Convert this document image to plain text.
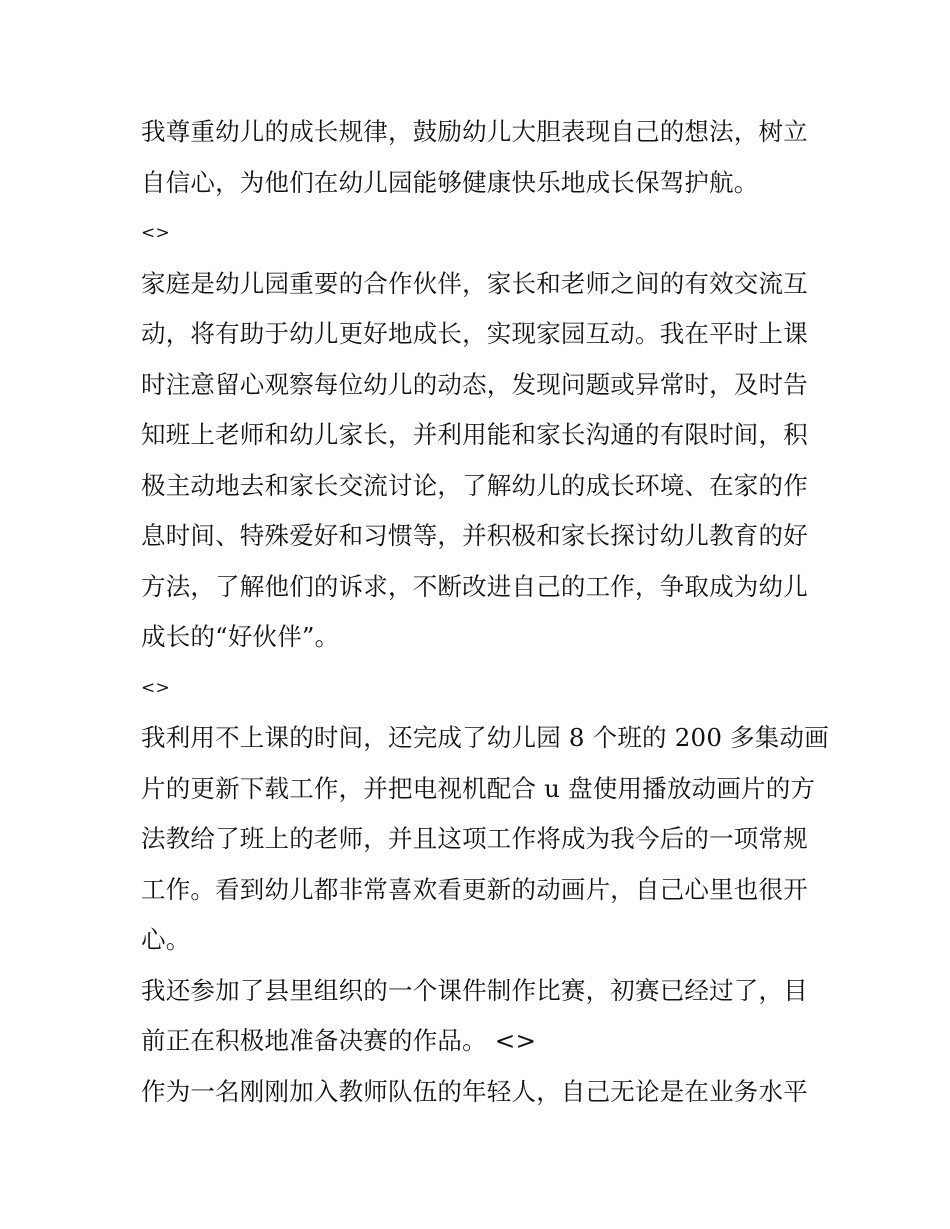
我尊重幼儿的成长规律，鼓励幼儿大胆表现自己的想法，树立
自信心，为他们在幼儿园能够健康快乐地成长保驾护航。
<>
家庭是幼儿园重要的合作伙伴，家长和老师之间的有效交流互
动，将有助于幼儿更好地成长，实现家园互动。我在平时上课
时注意留心观察每位幼儿的动态，发现问题或异常时，及时告
知班上老师和幼儿家长，并利用能和家长沟通的有限时间，积
极主动地去和家长交流讨论，了解幼儿的成长环境、在家的作
息时间、特殊爱好和习惯等，并积极和家长探讨幼儿教育的好
方法，了解他们的诉求，不断改进自己的工作，争取成为幼儿
成长的“好伙伴”。
<>
我利用不上课的时间，还完成了幼儿园 8 个班的 200 多集动画
片的更新下载工作，并把电视机配合 u 盘使用播放动画片的方
法教给了班上的老师，并且这项工作将成为我今后的一项常规
工作。看到幼儿都非常喜欢看更新的动画片，自己心里也很开
心。
我还参加了县里组织的一个课件制作比赛，初赛已经过了，目
前正在积极地准备决赛的作品。 <>
作为一名刚刚加入教师队伍的年轻人，自己无论是在业务水平
